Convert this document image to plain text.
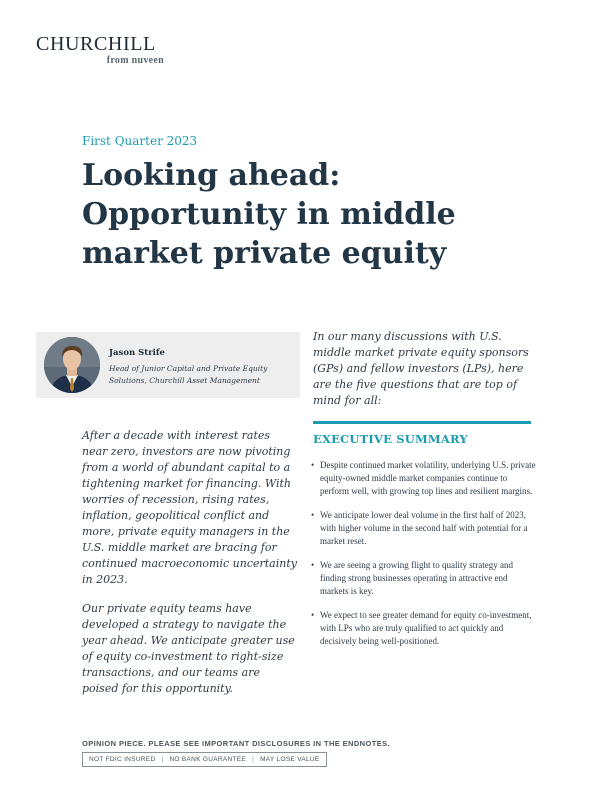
CHURCHILL
from nuveen
First Quarter 2023
Looking ahead:
Opportunity in middle
market private equity
Jason Strife
Head of Junior Capital and Private Equity Solutions, Churchill Asset Management
In our many discussions with U.S. middle market private equity sponsors (GPs) and fellow investors (LPs), here are the five questions that are top of mind for all:
EXECUTIVE SUMMARY
• Despite continued market volatility, underlying U.S. private equity-owned middle market companies continue to perform well, with growing top lines and resilient margins.
• We anticipate lower deal volume in the first half of 2023, with higher volume in the second half with potential for a market reset.
• We are seeing a growing flight to quality strategy and finding strong businesses operating in attractive end markets is key.
• We expect to see greater demand for equity co-investment, with LPs who are truly qualified to act quickly and decisively being well-positioned.

After a decade with interest rates near zero, investors are now pivoting from a world of abundant capital to a tightening market for financing. With worries of recession, rising rates, inflation, geopolitical conflict and more, private equity managers in the U.S. middle market are bracing for continued macroeconomic uncertainty in 2023.

Our private equity teams have developed a strategy to navigate the year ahead. We anticipate greater use of equity co-investment to right-size transactions, and our teams are poised for this opportunity.

OPINION PIECE. PLEASE SEE IMPORTANT DISCLOSURES IN THE ENDNOTES.
NOT FDIC INSURED | NO BANK GUARANTEE | MAY LOSE VALUE
